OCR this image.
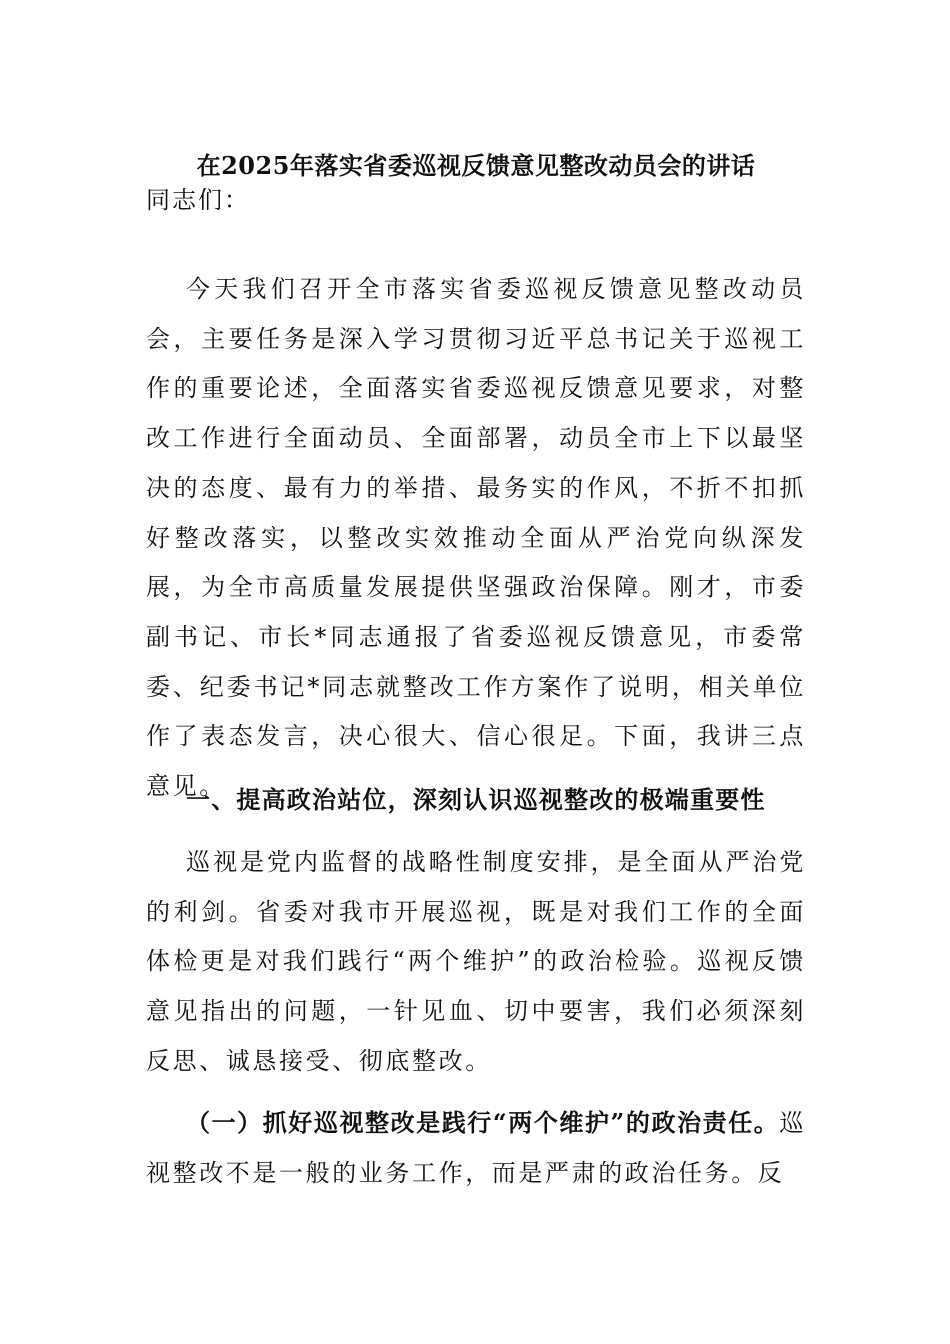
在2025年落实省委巡视反馈意见整改动员会的讲话
同志们：

今天我们召开全市落实省委巡视反馈意见整改动员会，主要任务是深入学习贯彻习近平总书记关于巡视工作的重要论述，全面落实省委巡视反馈意见要求，对整改工作进行全面动员、全面部署，动员全市上下以最坚决的态度、最有力的举措、最务实的作风，不折不扣抓好整改落实，以整改实效推动全面从严治党向纵深发展，为全市高质量发展提供坚强政治保障。刚才，市委副书记、市长*同志通报了省委巡视反馈意见，市委常委、纪委书记*同志就整改工作方案作了说明，相关单位作了表态发言，决心很大、信心很足。下面，我讲三点意见。

一、提高政治站位，深刻认识巡视整改的极端重要性

巡视是党内监督的战略性制度安排，是全面从严治党的利剑。省委对我市开展巡视，既是对我们工作的全面体检更是对我们践行“两个维护”的政治检验。巡视反馈意见指出的问题，一针见血、切中要害，我们必须深刻反思、诚恳接受、彻底整改。

（一）抓好巡视整改是践行“两个维护”的政治责任。巡视整改不是一般的业务工作，而是严肃的政治任务。反
